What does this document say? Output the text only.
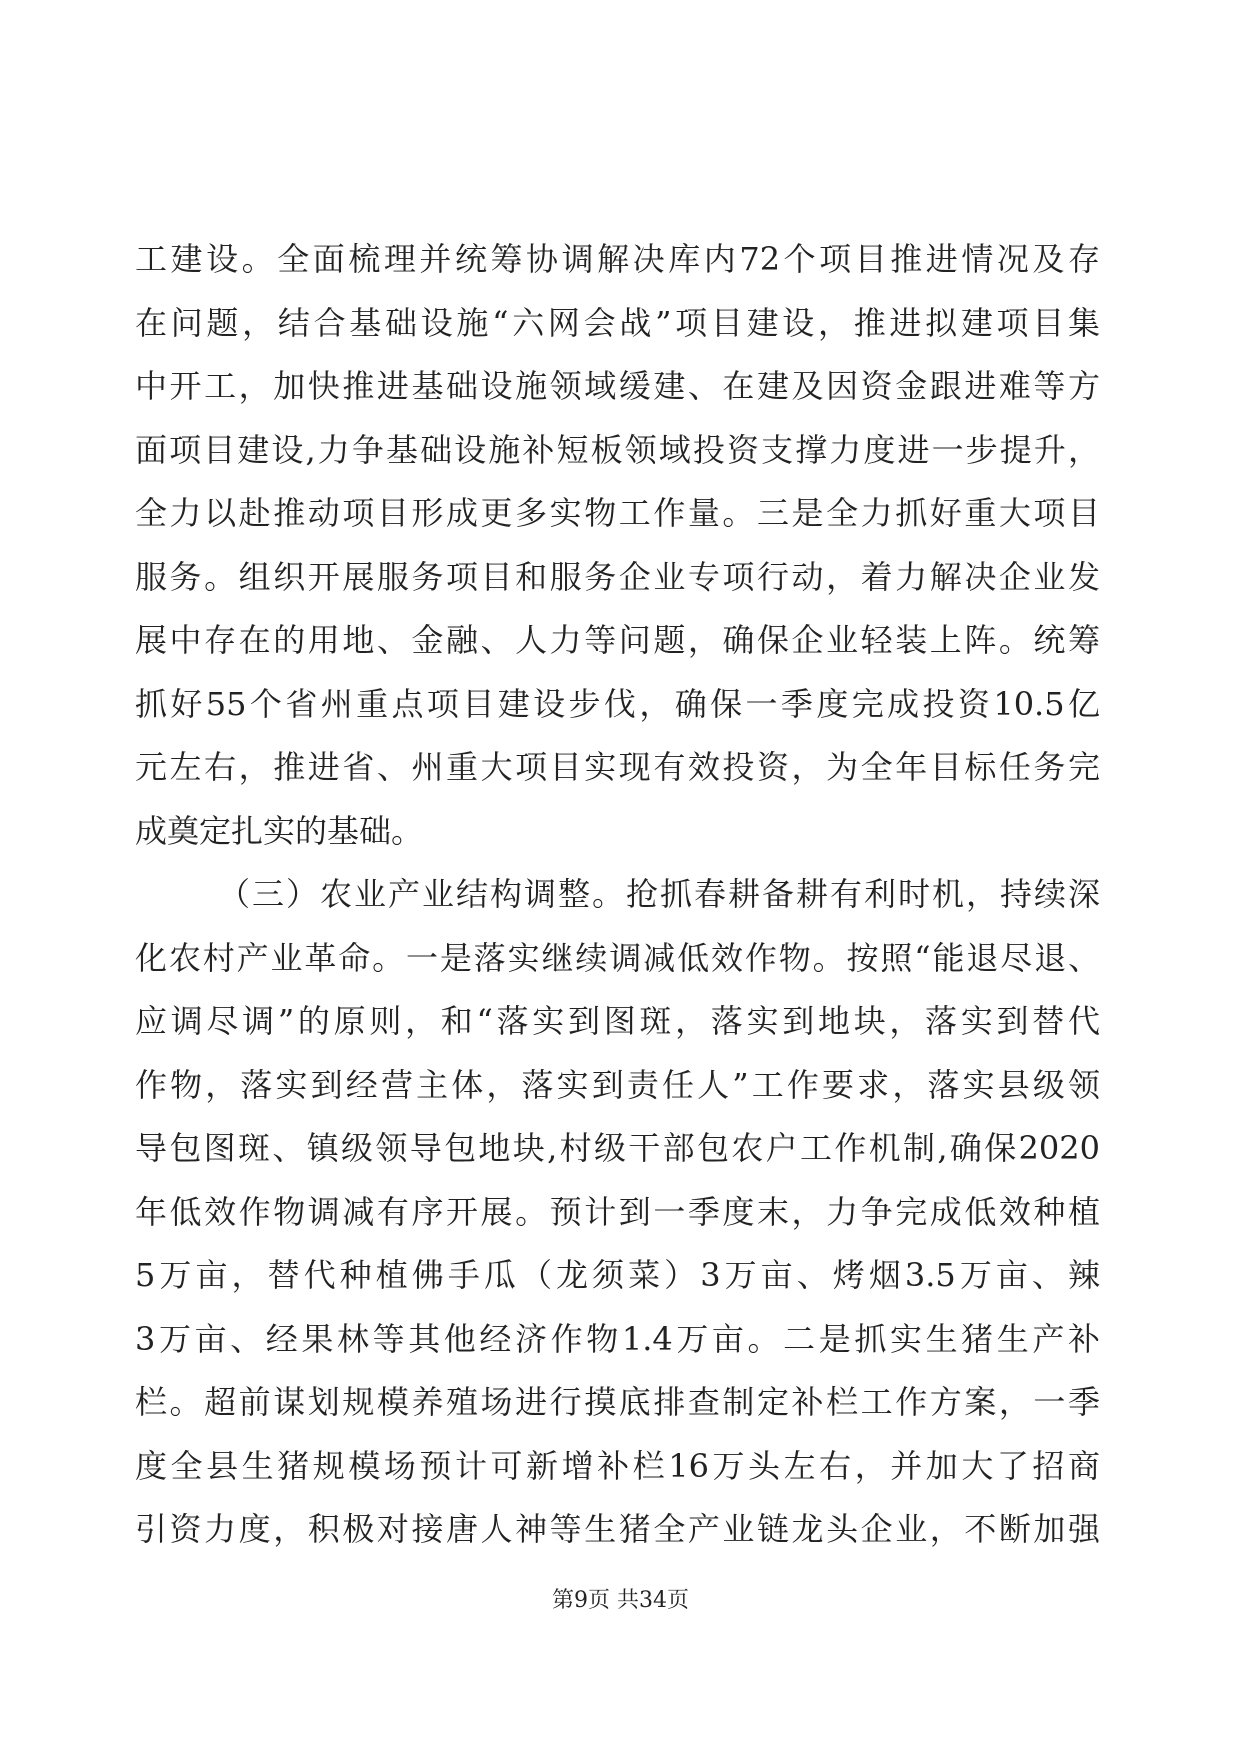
工建设。全面梳理并统筹协调解决库内72个项目推进情况及存
在问题，结合基础设施“六网会战”项目建设，推进拟建项目集
中开工，加快推进基础设施领域缓建、在建及因资金跟进难等方
面项目建设,力争基础设施补短板领域投资支撑力度进一步提升，
全力以赴推动项目形成更多实物工作量。三是全力抓好重大项目
服务。组织开展服务项目和服务企业专项行动，着力解决企业发
展中存在的用地、金融、人力等问题，确保企业轻装上阵。统筹
抓好55个省州重点项目建设步伐，确保一季度完成投资10.5亿
元左右，推进省、州重大项目实现有效投资，为全年目标任务完
成奠定扎实的基础。
（三）农业产业结构调整。抢抓春耕备耕有利时机，持续深
化农村产业革命。一是落实继续调减低效作物。按照“能退尽退、
应调尽调”的原则，和“落实到图斑，落实到地块，落实到替代
作物，落实到经营主体，落实到责任人”工作要求，落实县级领
导包图斑、镇级领导包地块,村级干部包农户工作机制,确保2020
年低效作物调减有序开展。预计到一季度末，力争完成低效种植
5万亩，替代种植佛手瓜（龙须菜）3万亩、烤烟3.5万亩、辣
3万亩、经果林等其他经济作物1.4万亩。二是抓实生猪生产补
栏。超前谋划规模养殖场进行摸底排查制定补栏工作方案，一季
度全县生猪规模场预计可新增补栏16万头左右，并加大了招商
引资力度，积极对接唐人神等生猪全产业链龙头企业，不断加强
第9页 共34页
